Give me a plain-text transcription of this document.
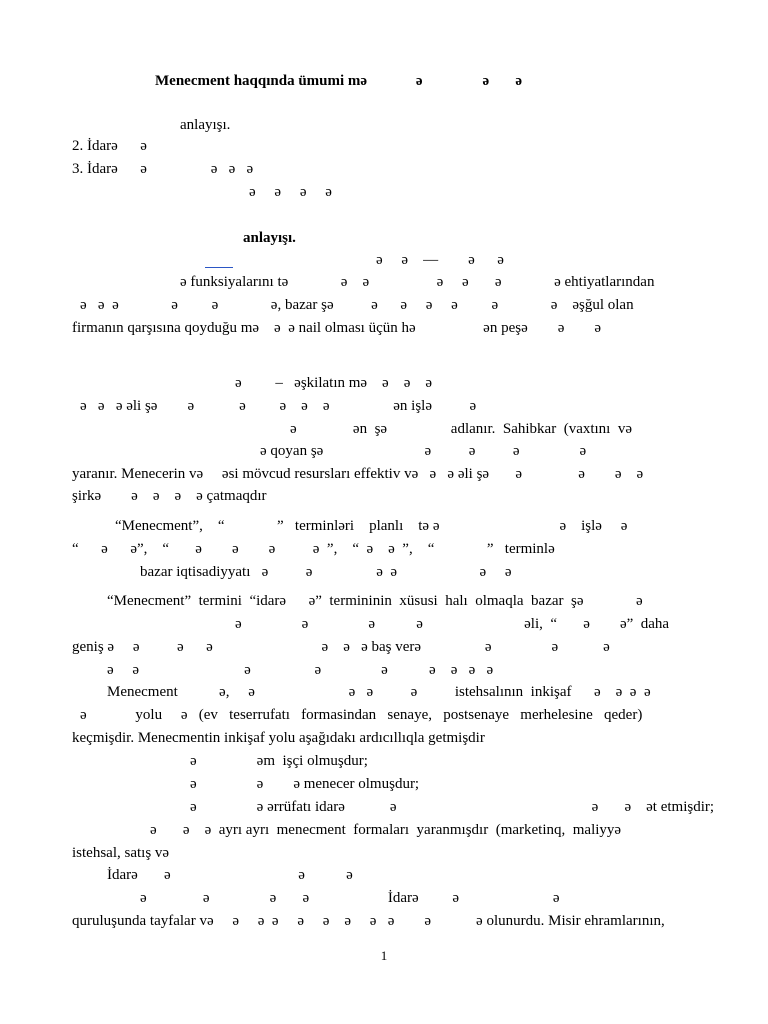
Menecment haqqında ümumi mə             ə                ə       ə
anlayışı.
2. İdarə      ə
3. İdarə      ə                 ə   ə   ə
ə     ə     ə     ə
anlayışı.
ə     ə    —        ə      ə
ə funksiyalarını tə              ə    ə                  ə     ə       ə              ə ehtiyatlarından
ə   ə  ə              ə         ə              ə, bazar şə          ə      ə     ə     ə         ə              ə    əşğul olan
firmanın qarşısına qoyduğu mə    ə  ə nail olması üçün hə                  ən peşə        ə        ə
ə         –   əşkilatın mə    ə    ə    ə
ə   ə   ə əli şə        ə            ə         ə    ə    ə                 ən işlə          ə
ə               ən  şə                 adlanır.  Sahibkar  (vaxtını  və
ə qoyan şə                           ə          ə          ə                ə
yaranır. Menecerin və     əsi mövcud resursları effektiv və   ə   ə əli şə       ə               ə        ə    ə
şirkə        ə    ə    ə    ə çatmaqdır
“Menecment”,    “              ”   terminləri    planlı    tə ə                                ə    işlə     ə
“      ə      ə”,    “       ə        ə        ə          ə  ”,    “  ə    ə  ”,    “              ”   terminlə
bazar iqtisadiyyatı   ə          ə                 ə  ə                      ə     ə
“Menecment”  termini  “idarə      ə”  termininin  xüsusi  halı  olmaqla  bazar  şə              ə
ə                ə                ə           ə                           əli,  “       ə        ə”  daha
geniş ə     ə          ə      ə                             ə    ə   ə baş verə                 ə                ə            ə
ə     ə                            ə                 ə                ə           ə    ə   ə   ə
Menecment           ə,     ə                         ə   ə          ə          istehsalının  inkişaf      ə    ə  ə  ə
ə             yolu     ə   (ev   teserrufatı   formasindan   senaye,   postsenaye   merhelesine   qeder)
keçmişdir. Menecmentin inkişaf yolu aşağıdakı ardıcıllıqla getmişdir
ə                əm  işçi olmuşdur;
ə                ə        ə menecer olmuşdur;
ə                ə ərrüfatı idarə            ə                                                    ə       ə    ət etmişdir;
ə       ə    ə  ayrı ayrı  menecment  formaları  yaranmışdır  (marketinq,  maliyyə
istehsal, satış və
İdarə       ə                                  ə           ə
ə               ə                ə       ə                     İdarə         ə                         ə
quruluşunda tayfalar və     ə     ə  ə     ə     ə    ə     ə   ə        ə            ə olunurdu. Misir ehramlarının,
1
